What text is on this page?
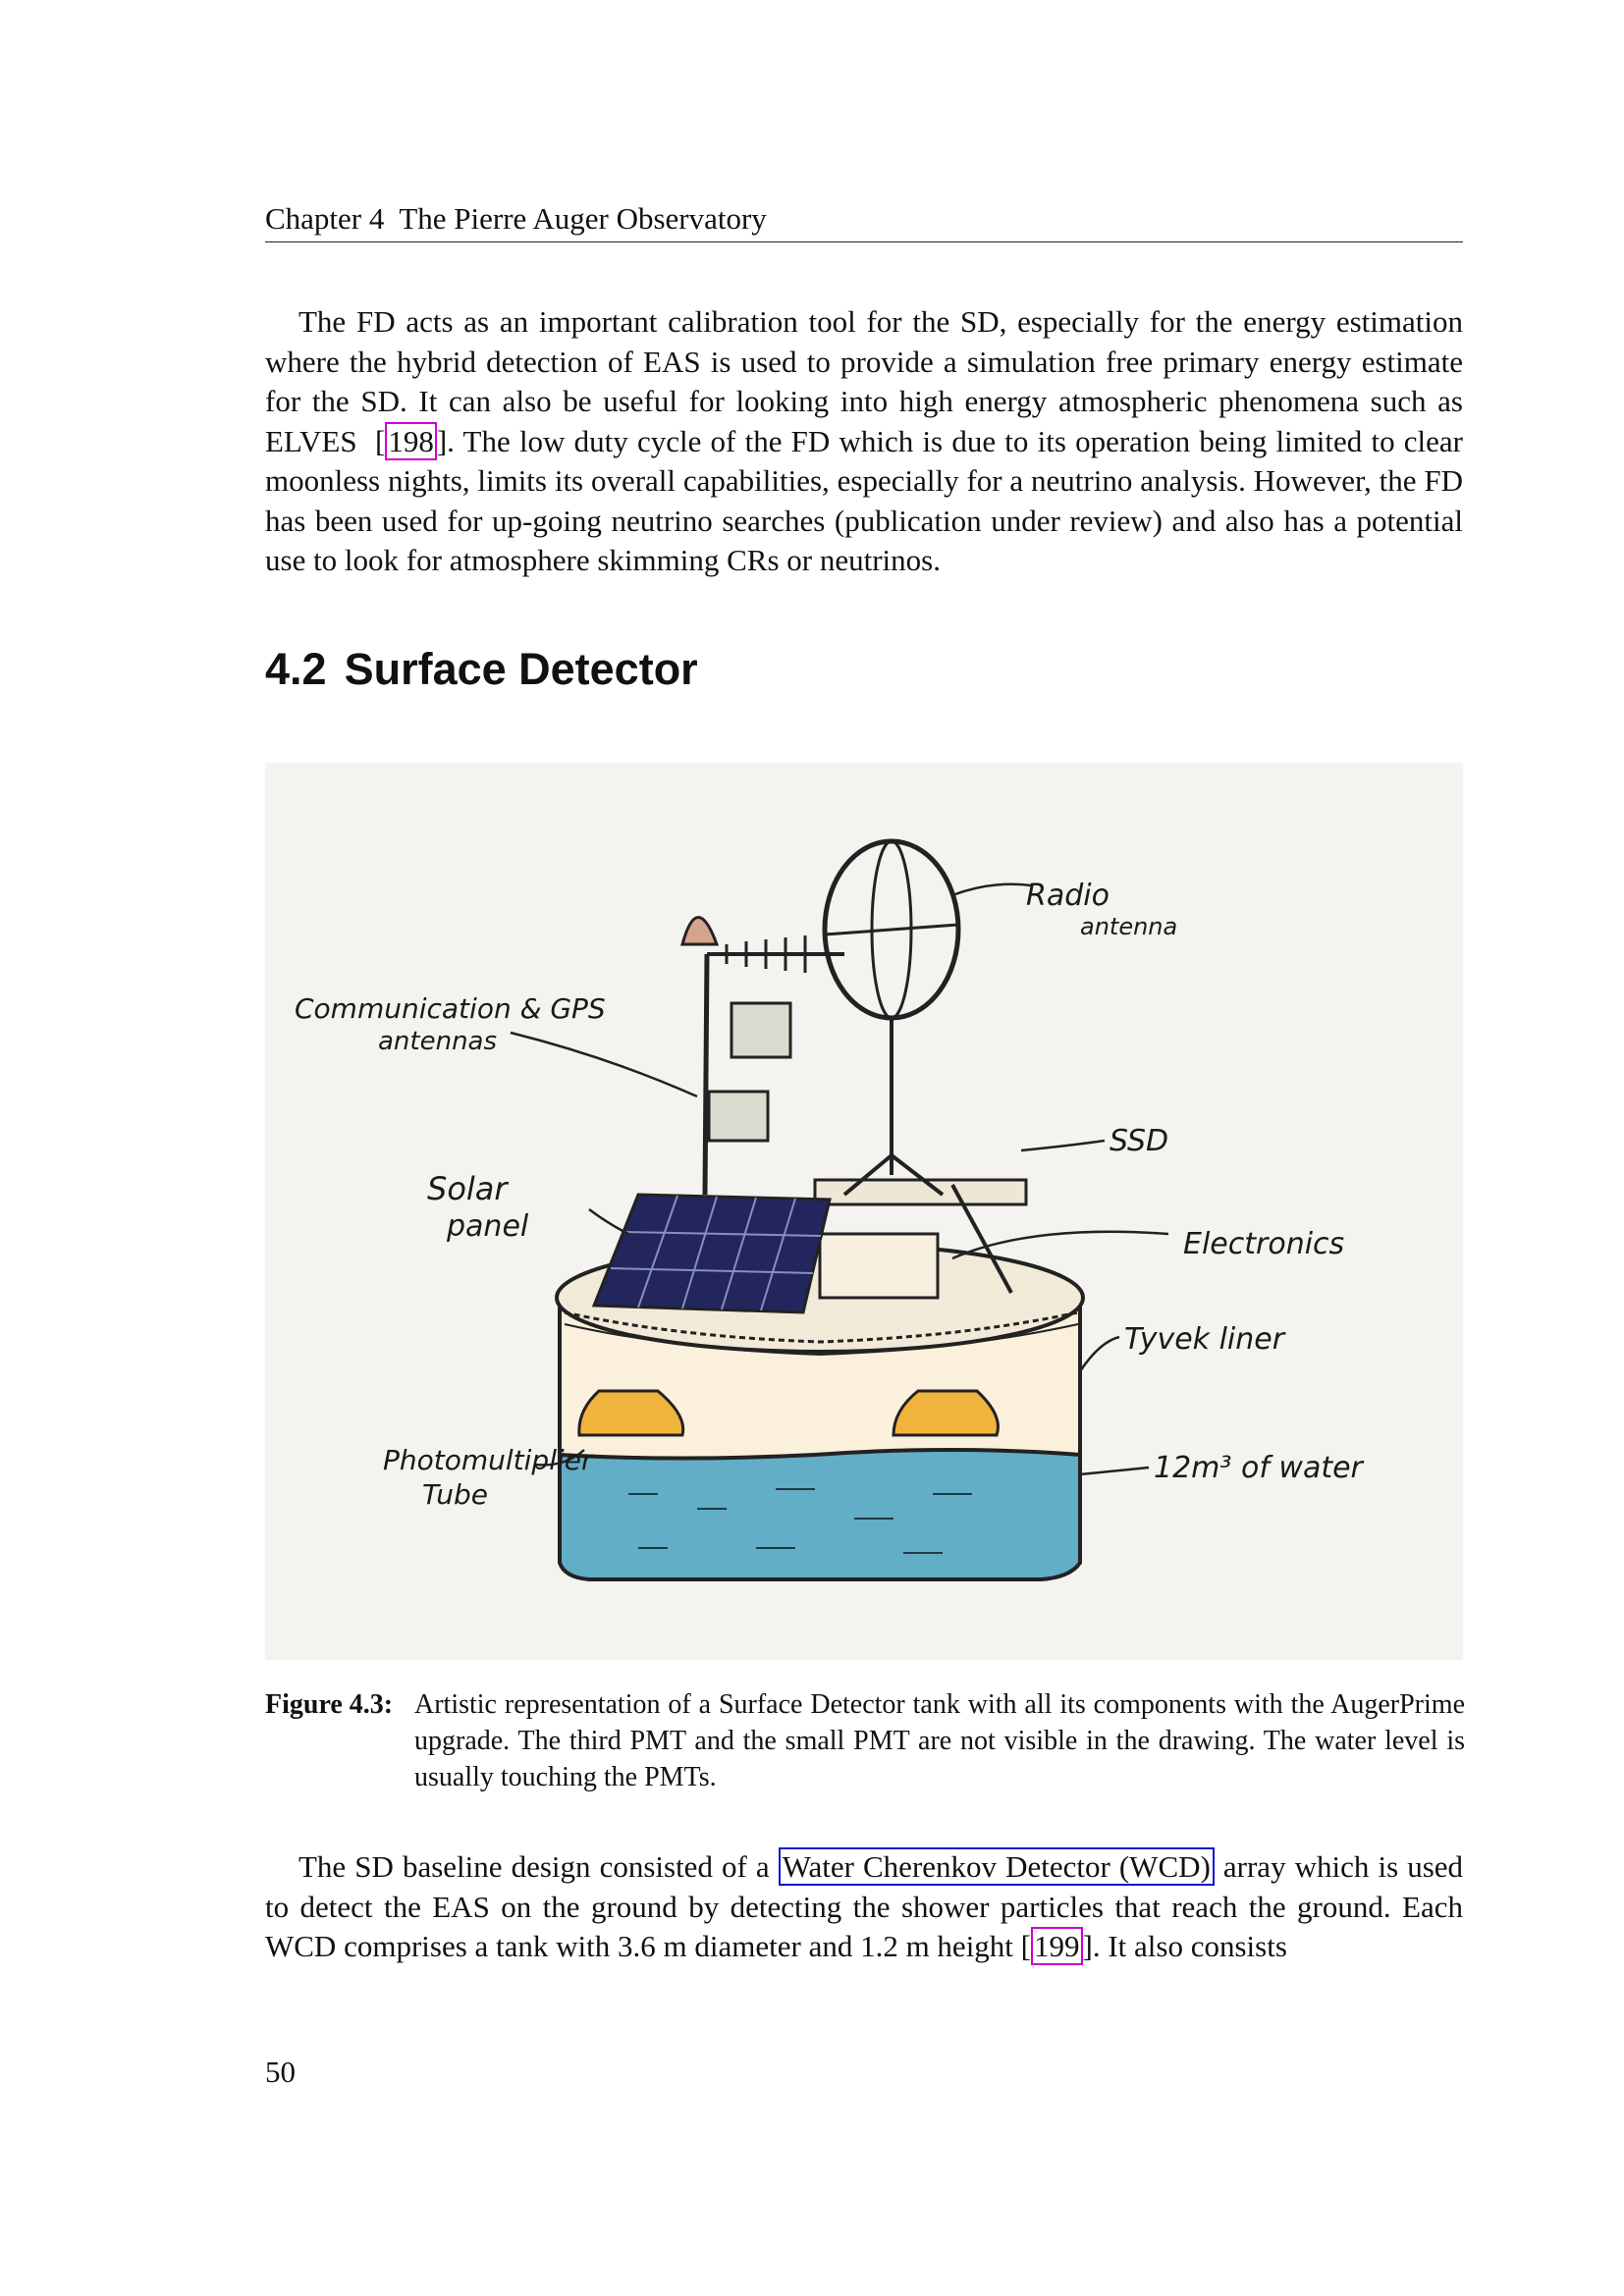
Chapter 4 The Pierre Auger Observatory
The FD acts as an important calibration tool for the SD, especially for the energy estimation where the hybrid detection of EAS is used to provide a simulation free primary energy estimate for the SD. It can also be useful for looking into high energy atmospheric phenomena such as ELVES  [198]. The low duty cycle of the FD which is due to its operation being limited to clear moonless nights, limits its overall capabilities, especially for a neutrino analysis. However, the FD has been used for up-going neutrino searches (publication under review) and also has a potential use to look for atmosphere skimming CRs or neutrinos.
4.2 Surface Detector
Radio
antenna
Communication & GPS
antennas
SSD
Solar
panel
Electronics
Tyvek liner
Photomultiplier
Tube
12m³ of water
Figure 4.3: Artistic representation of a Surface Detector tank with all its components with the AugerPrime upgrade. The third PMT and the small PMT are not visible in the drawing. The water level is usually touching the PMTs.
The SD baseline design consisted of a Water Cherenkov Detector (WCD) array which is used to detect the EAS on the ground by detecting the shower particles that reach the ground. Each WCD comprises a tank with 3.6 m diameter and 1.2 m height [199]. It also consists
50
